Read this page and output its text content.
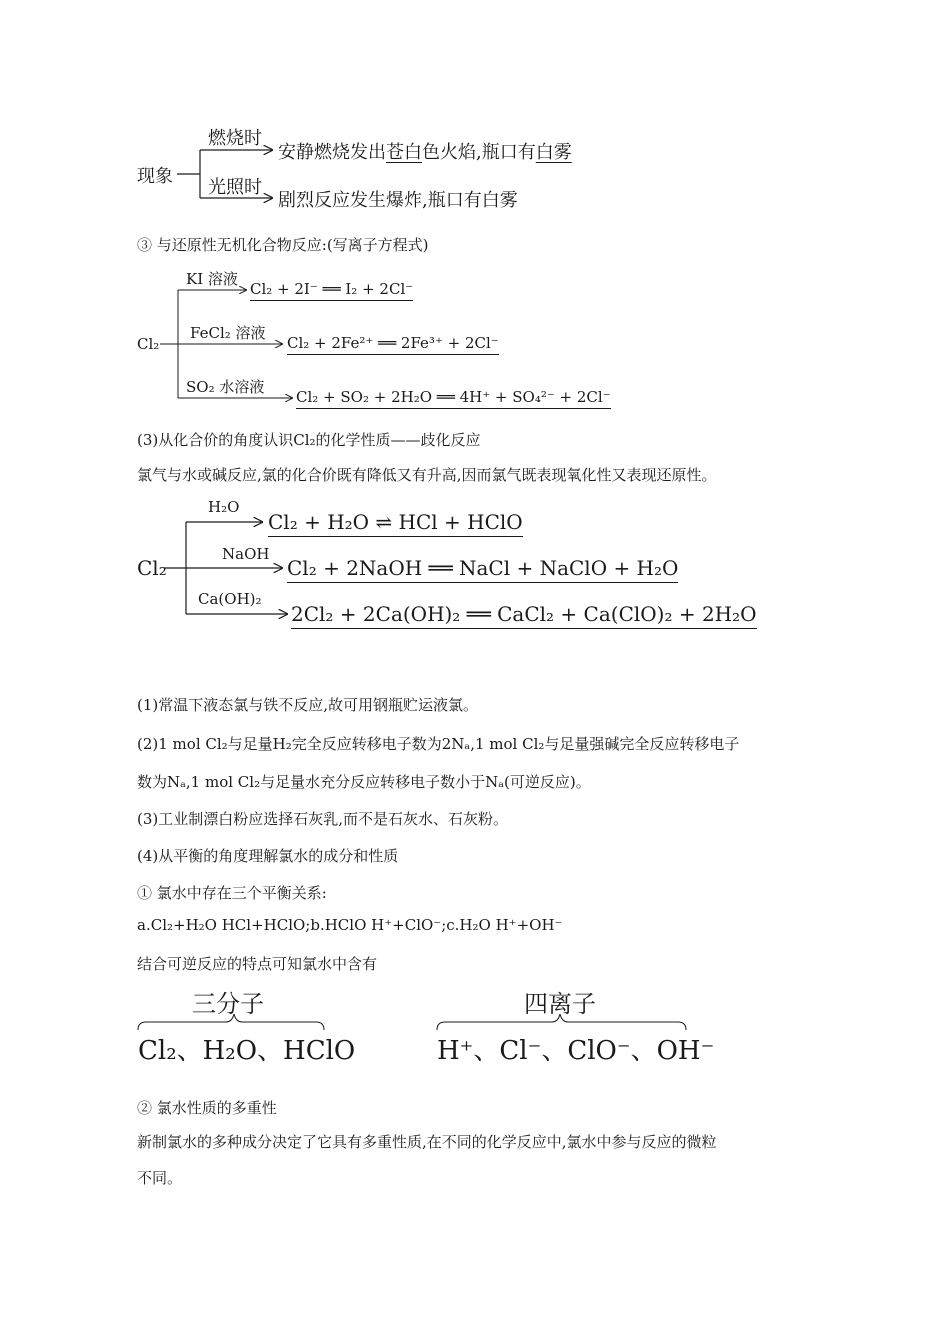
现象
燃烧时
安静燃烧发出苍白色火焰,瓶口有白雾
光照时
剧烈反应发生爆炸,瓶口有白雾
③ 与还原性无机化合物反应:(写离子方程式)
Cl₂
KI 溶液
Cl₂ + 2I⁻ ══ I₂ + 2Cl⁻
FeCl₂ 溶液
Cl₂ + 2Fe²⁺ ══ 2Fe³⁺ + 2Cl⁻
SO₂ 水溶液
Cl₂ + SO₂ + 2H₂O ══ 4H⁺ + SO₄²⁻ + 2Cl⁻
(3)从化合价的角度认识Cl₂的化学性质——歧化反应
氯气与水或碱反应,氯的化合价既有降低又有升高,因而氯气既表现氧化性又表现还原性。
Cl₂
H₂O
Cl₂ + H₂O ⇌ HCl + HClO
NaOH
Cl₂ + 2NaOH ══ NaCl + NaClO + H₂O
Ca(OH)₂
2Cl₂ + 2Ca(OH)₂ ══ CaCl₂ + Ca(ClO)₂ + 2H₂O
(1)常温下液态氯与铁不反应,故可用钢瓶贮运液氯。
(2)1 mol Cl₂与足量H₂完全反应转移电子数为2Nₐ,1 mol Cl₂与足量强碱完全反应转移电子
数为Nₐ,1 mol Cl₂与足量水充分反应转移电子数小于Nₐ(可逆反应)。
(3)工业制漂白粉应选择石灰乳,而不是石灰水、石灰粉。
(4)从平衡的角度理解氯水的成分和性质
① 氯水中存在三个平衡关系:
a.Cl₂+H₂O HCl+HClO;b.HClO H⁺+ClO⁻;c.H₂O H⁺+OH⁻
结合可逆反应的特点可知氯水中含有
三分子
Cl₂、H₂O、HClO
四离子
H⁺、Cl⁻、ClO⁻、OH⁻
② 氯水性质的多重性
新制氯水的多种成分决定了它具有多重性质,在不同的化学反应中,氯水中参与反应的微粒
不同。
